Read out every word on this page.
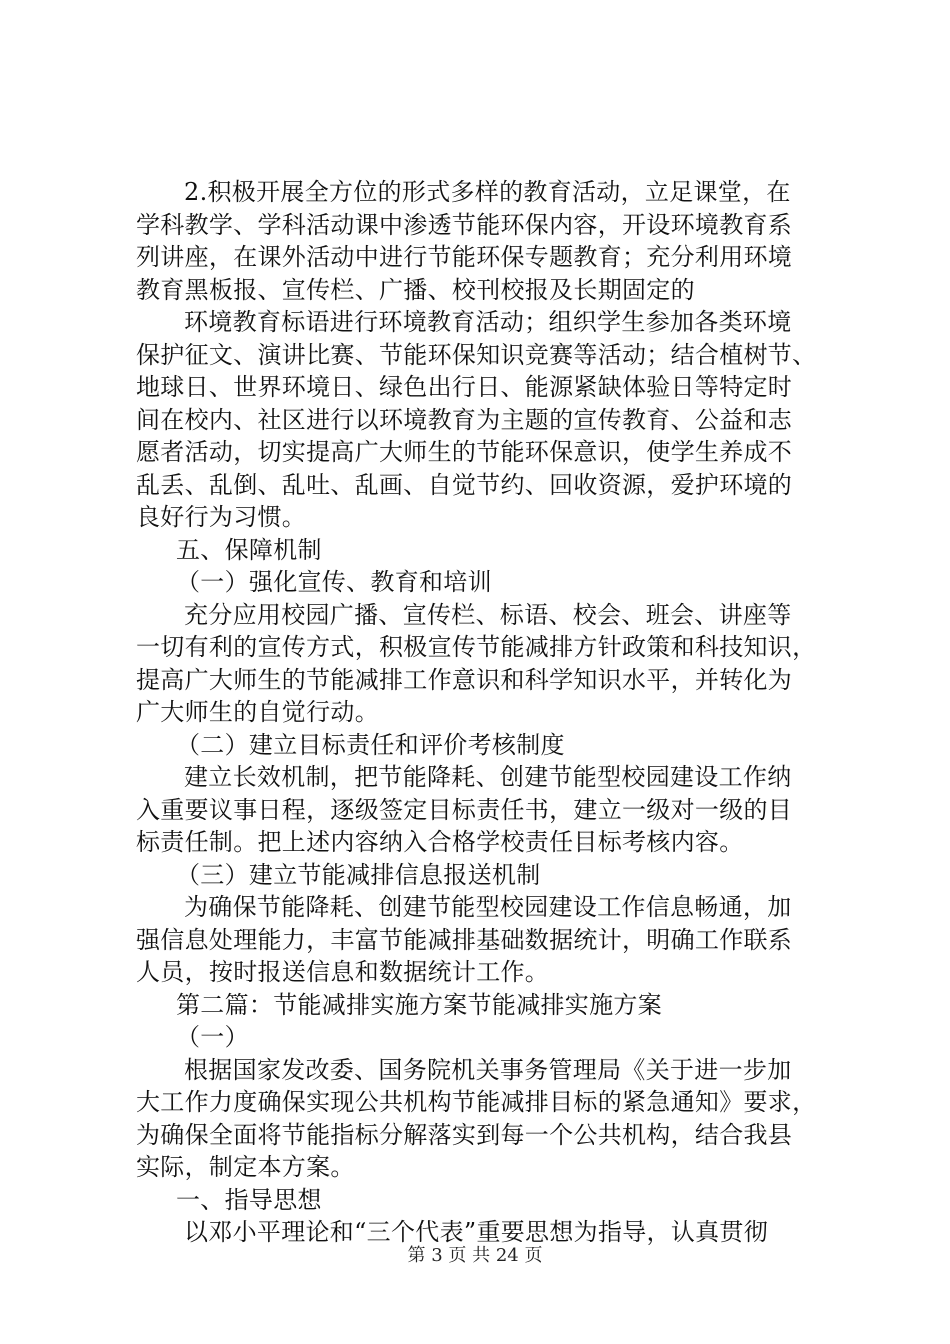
2.积极开展全方位的形式多样的教育活动，立足课堂，在
学科教学、学科活动课中渗透节能环保内容，开设环境教育系
列讲座，在课外活动中进行节能环保专题教育；充分利用环境
教育黑板报、宣传栏、广播、校刊校报及长期固定的
环境教育标语进行环境教育活动；组织学生参加各类环境
保护征文、演讲比赛、节能环保知识竞赛等活动；结合植树节、
地球日、世界环境日、绿色出行日、能源紧缺体验日等特定时
间在校内、社区进行以环境教育为主题的宣传教育、公益和志
愿者活动，切实提高广大师生的节能环保意识，使学生养成不
乱丢、乱倒、乱吐、乱画、自觉节约、回收资源，爱护环境的
良好行为习惯。
五、保障机制
（一）强化宣传、教育和培训
充分应用校园广播、宣传栏、标语、校会、班会、讲座等
一切有利的宣传方式，积极宣传节能减排方针政策和科技知识，
提高广大师生的节能减排工作意识和科学知识水平，并转化为
广大师生的自觉行动。
（二）建立目标责任和评价考核制度
建立长效机制，把节能降耗、创建节能型校园建设工作纳
入重要议事日程，逐级签定目标责任书，建立一级对一级的目
标责任制。把上述内容纳入合格学校责任目标考核内容。
（三）建立节能减排信息报送机制
为确保节能降耗、创建节能型校园建设工作信息畅通，加
强信息处理能力，丰富节能减排基础数据统计，明确工作联系
人员，按时报送信息和数据统计工作。
第二篇：节能减排实施方案节能减排实施方案
（一）
根据国家发改委、国务院机关事务管理局《关于进一步加
大工作力度确保实现公共机构节能减排目标的紧急通知》要求，
为确保全面将节能指标分解落实到每一个公共机构，结合我县
实际，制定本方案。
一、指导思想
以邓小平理论和“三个代表”重要思想为指导，认真贯彻
第 3 页 共 24 页
